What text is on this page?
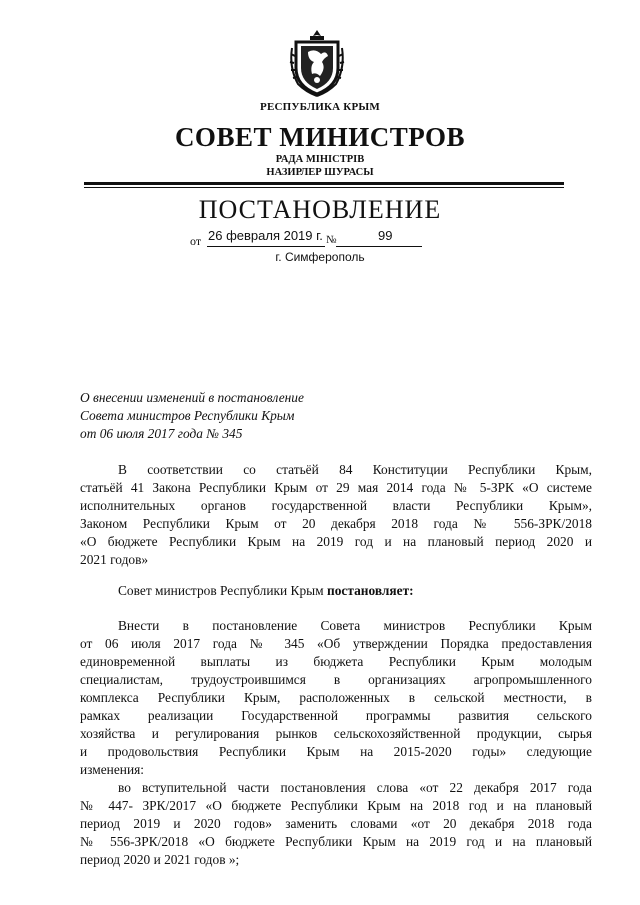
РЕСПУБЛИКА КРЫМ
СОВЕТ МИНИСТРОВ
РАДА МІНІСТРІВ
НАЗИРЛЕР ШУРАСЫ
ПОСТАНОВЛЕНИЕ
от 26 февраля 2019 г. №	99
г. Симферополь
О внесении изменений в постановление
Совета министров Республики Крым
от 06 июля 2017 года № 345
В соответствии со статьёй 84 Конституции Республики Крым,
статьёй 41 Закона Республики Крым от 29 мая 2014 года № 5-ЗРК «О системе
исполнительных органов государственной власти Республики Крым»,
Законом Республики Крым от 20 декабря 2018 года № 556-ЗРК/2018
«О бюджете Республики Крым на 2019 год и на плановый период 2020 и
2021 годов»
Совет министров Республики Крым постановляет:
Внести в постановление Совета министров Республики Крым
от 06 июля 2017 года № 345 «Об утверждении Порядка предоставления
единовременной выплаты из бюджета Республики Крым молодым
специалистам, трудоустроившимся в организациях агропромышленного
комплекса Республики Крым, расположенных в сельской местности, в
рамках реализации Государственной программы развития сельского
хозяйства и регулирования рынков сельскохозяйственной продукции, сырья
и продовольствия Республики Крым на 2015-2020 годы» следующие
изменения:
во вступительной части постановления слова «от 22 декабря 2017 года
№ 447- ЗРК/2017 «О бюджете Республики Крым на 2018 год и на плановый
период 2019 и 2020 годов» заменить словами «от 20 декабря 2018 года
№ 556-ЗРК/2018 «О бюджете Республики Крым на 2019 год и на плановый
период 2020 и 2021 годов »;
